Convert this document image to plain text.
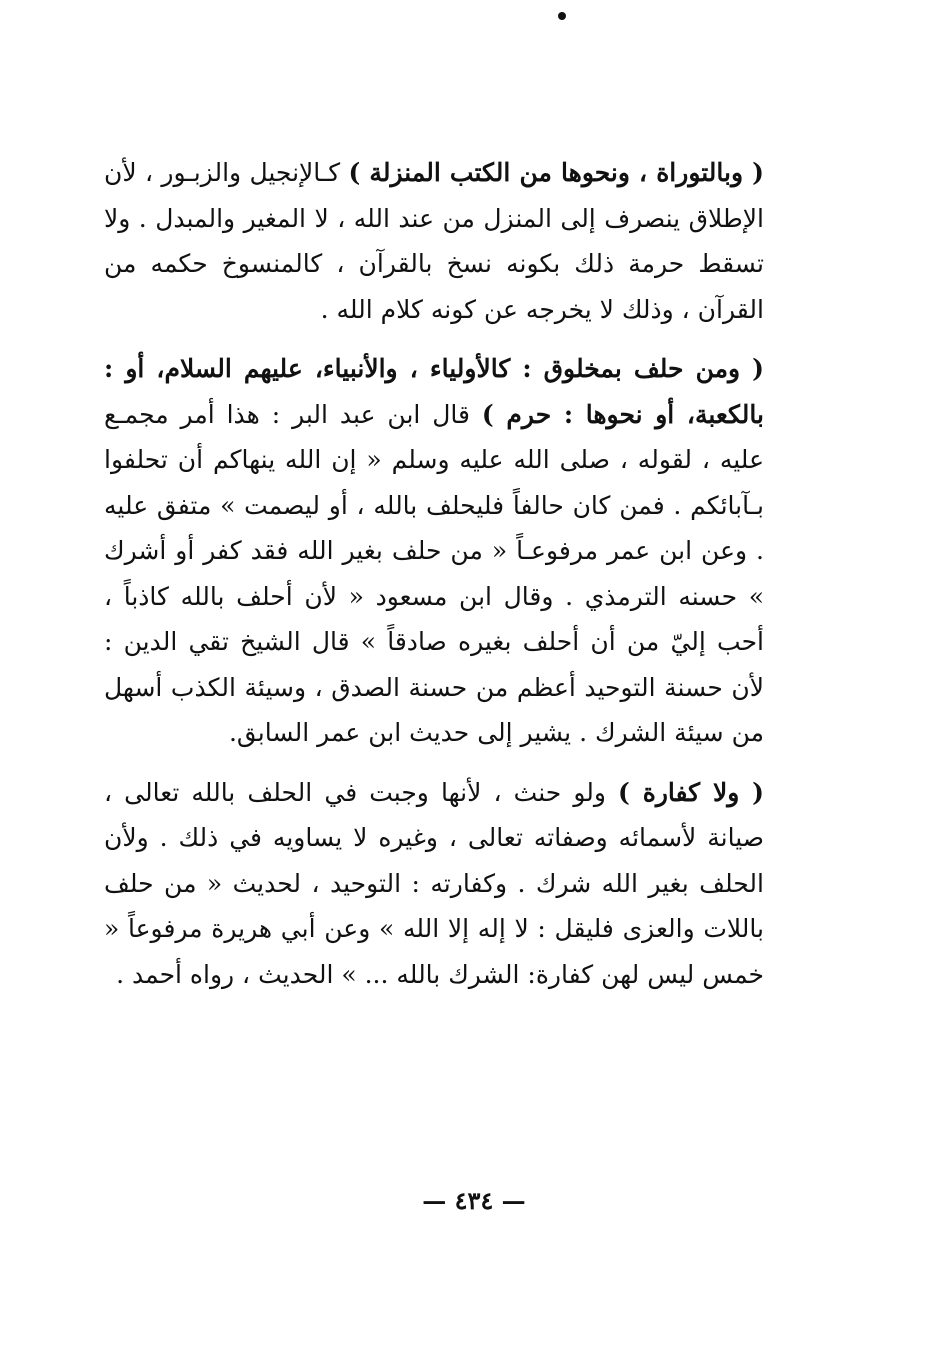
( وبالتوراة ، ونحوها من الكتب المنزلة ) كـالإنجيل والزبـور ، لأن الإطلاق ينصرف إلى المنزل من عند الله ، لا المغير والمبدل . ولا تسقط حرمة ذلك بكونه نسخ بالقرآن ، كالمنسوخ حكمه من القرآن ، وذلك لا يخرجه عن كونه كلام الله .

( ومن حلف بمخلوق : كالأولياء ، والأنبياء، عليهم السلام، أو : بالكعبة، أو نحوها : حرم ) قال ابن عبد البر : هذا أمر مجمـع عليه ، لقوله ، صلى الله عليه وسلم « إن الله ينهاكم أن تحلفوا بـآبائكم . فمن كان حالفاً فليحلف بالله ، أو ليصمت » متفق عليه . وعن ابن عمر مرفوعـاً « من حلف بغير الله فقد كفر أو أشرك » حسنه الترمذي . وقال ابن مسعود « لأن أحلف بالله كاذباً ، أحب إليّ من أن أحلف بغيره صادقاً » قال الشيخ تقي الدين : لأن حسنة التوحيد أعظم من حسنة الصدق ، وسيئة الكذب أسهل من سيئة الشرك . يشير إلى حديث ابن عمر السابق.

( ولا كفارة ) ولو حنث ، لأنها وجبت في الحلف بالله تعالى ، صيانة لأسمائه وصفاته تعالى ، وغيره لا يساويه في ذلك . ولأن الحلف بغير الله شرك . وكفارته : التوحيد ، لحديث « من حلف باللات والعزى فليقل : لا إله إلا الله » وعن أبي هريرة مرفوعاً « خمس ليس لهن كفارة: الشرك بالله ... » الحديث ، رواه أحمد .

— ٤٣٤ —
